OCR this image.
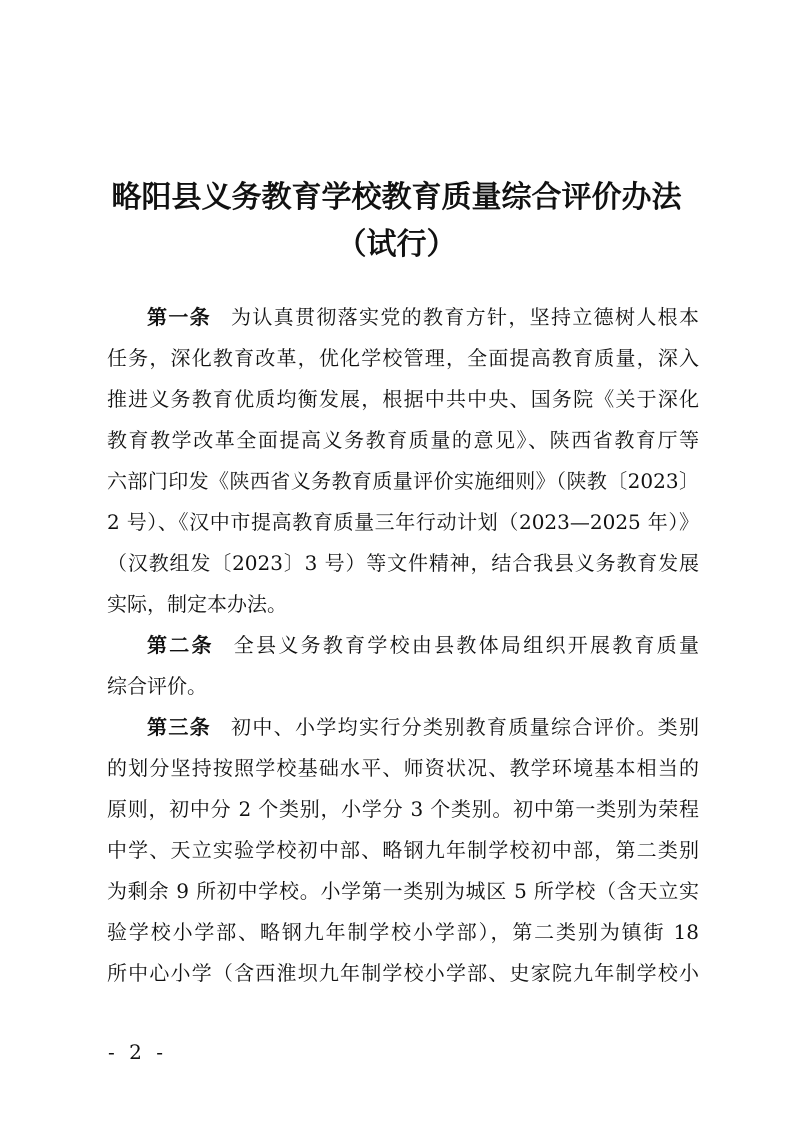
略阳县义务教育学校教育质量综合评价办法
（试行）
第一条 为认真贯彻落实党的教育方针，坚持立德树人根本
任务，深化教育改革，优化学校管理，全面提高教育质量，深入
推进义务教育优质均衡发展，根据中共中央、国务院《关于深化
教育教学改革全面提高义务教育质量的意见》、陕西省教育厅等
六部门印发《陕西省义务教育质量评价实施细则》（陕教〔2023〕
2 号）、《汉中市提高教育质量三年行动计划（2023—2025 年）》
（汉教组发〔2023〕3 号）等文件精神，结合我县义务教育发展
实际，制定本办法。
第二条 全县义务教育学校由县教体局组织开展教育质量
综合评价。
第三条 初中、小学均实行分类别教育质量综合评价。类别
的划分坚持按照学校基础水平、师资状况、教学环境基本相当的
原则，初中分 2 个类别，小学分 3 个类别。初中第一类别为荣程
中学、天立实验学校初中部、略钢九年制学校初中部，第二类别
为剩余 9 所初中学校。小学第一类别为城区 5 所学校（含天立实
验学校小学部、略钢九年制学校小学部），第二类别为镇街 18
所中心小学（含西淮坝九年制学校小学部、史家院九年制学校小
- 2 -
